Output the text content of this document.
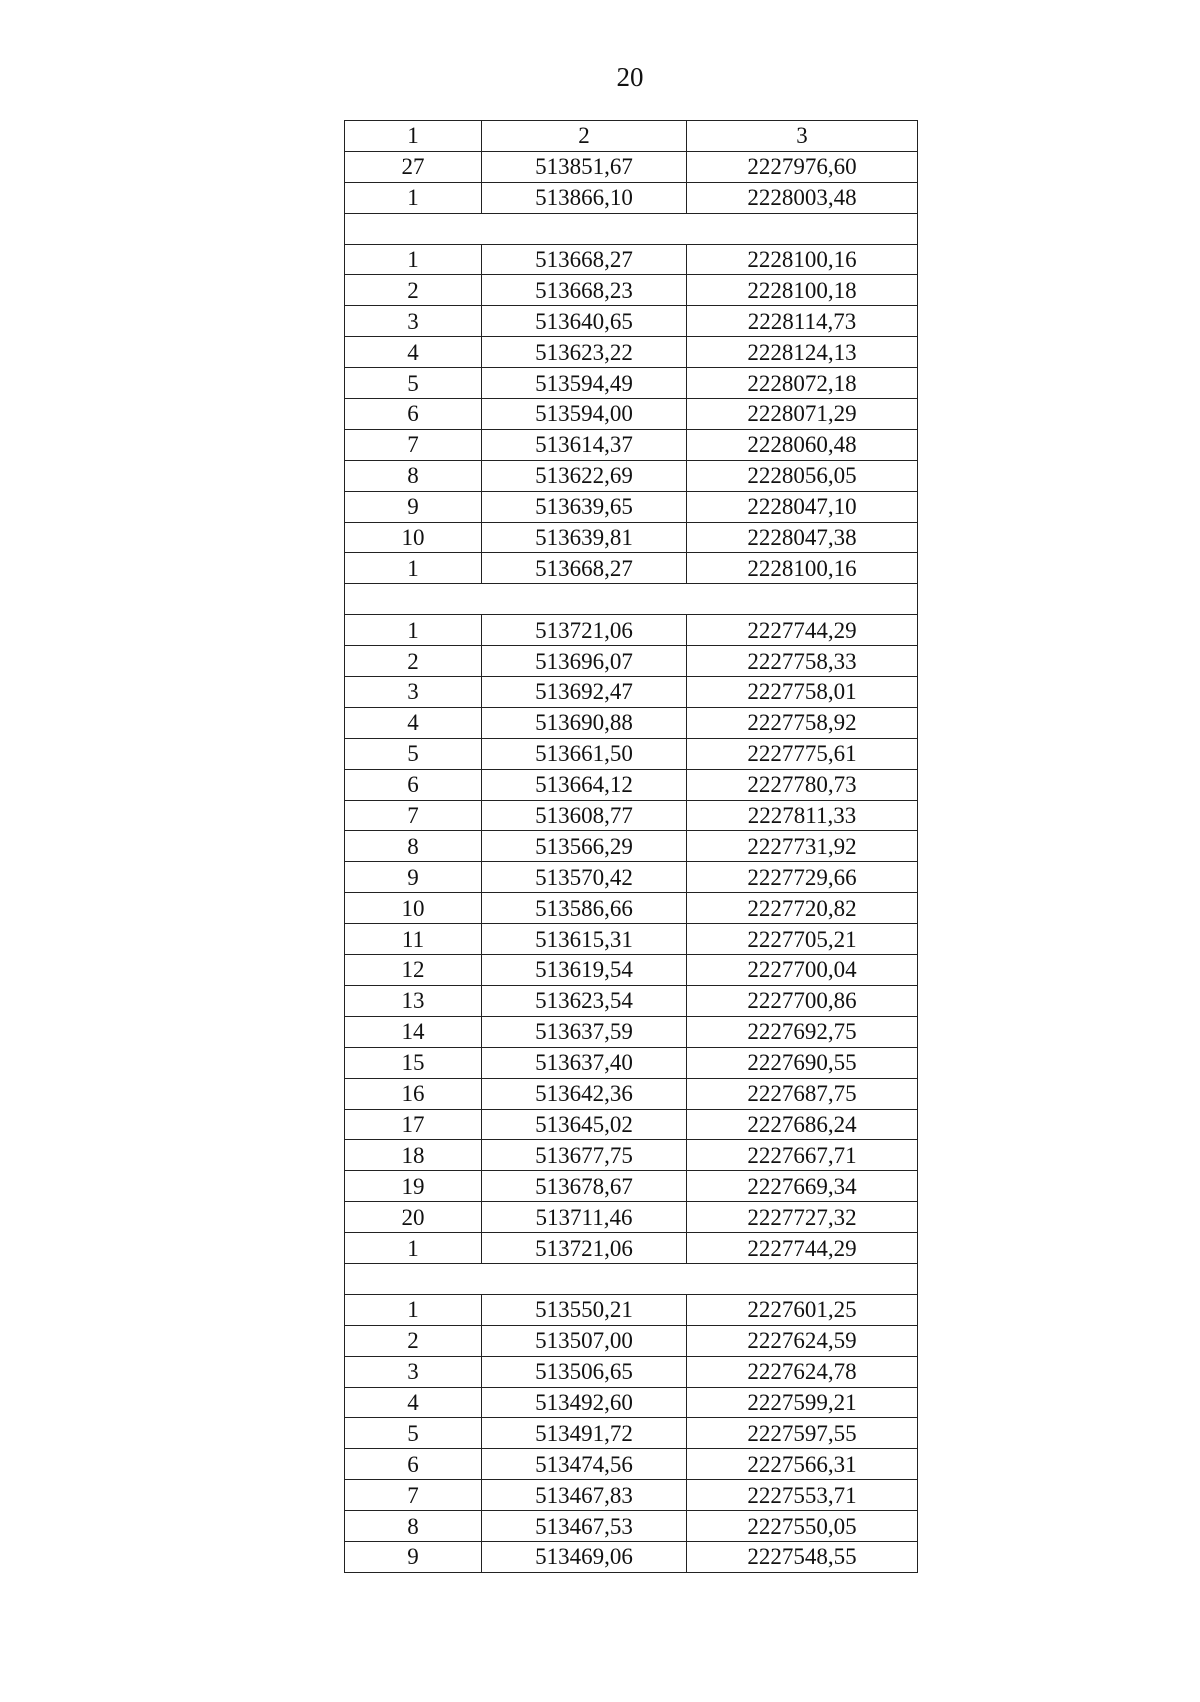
20
1	2	3
27	513851,67	2227976,60
1	513866,10	2228003,48

1	513668,27	2228100,16
2	513668,23	2228100,18
3	513640,65	2228114,73
4	513623,22	2228124,13
5	513594,49	2228072,18
6	513594,00	2228071,29
7	513614,37	2228060,48
8	513622,69	2228056,05
9	513639,65	2228047,10
10	513639,81	2228047,38
1	513668,27	2228100,16

1	513721,06	2227744,29
2	513696,07	2227758,33
3	513692,47	2227758,01
4	513690,88	2227758,92
5	513661,50	2227775,61
6	513664,12	2227780,73
7	513608,77	2227811,33
8	513566,29	2227731,92
9	513570,42	2227729,66
10	513586,66	2227720,82
11	513615,31	2227705,21
12	513619,54	2227700,04
13	513623,54	2227700,86
14	513637,59	2227692,75
15	513637,40	2227690,55
16	513642,36	2227687,75
17	513645,02	2227686,24
18	513677,75	2227667,71
19	513678,67	2227669,34
20	513711,46	2227727,32
1	513721,06	2227744,29

1	513550,21	2227601,25
2	513507,00	2227624,59
3	513506,65	2227624,78
4	513492,60	2227599,21
5	513491,72	2227597,55
6	513474,56	2227566,31
7	513467,83	2227553,71
8	513467,53	2227550,05
9	513469,06	2227548,55
